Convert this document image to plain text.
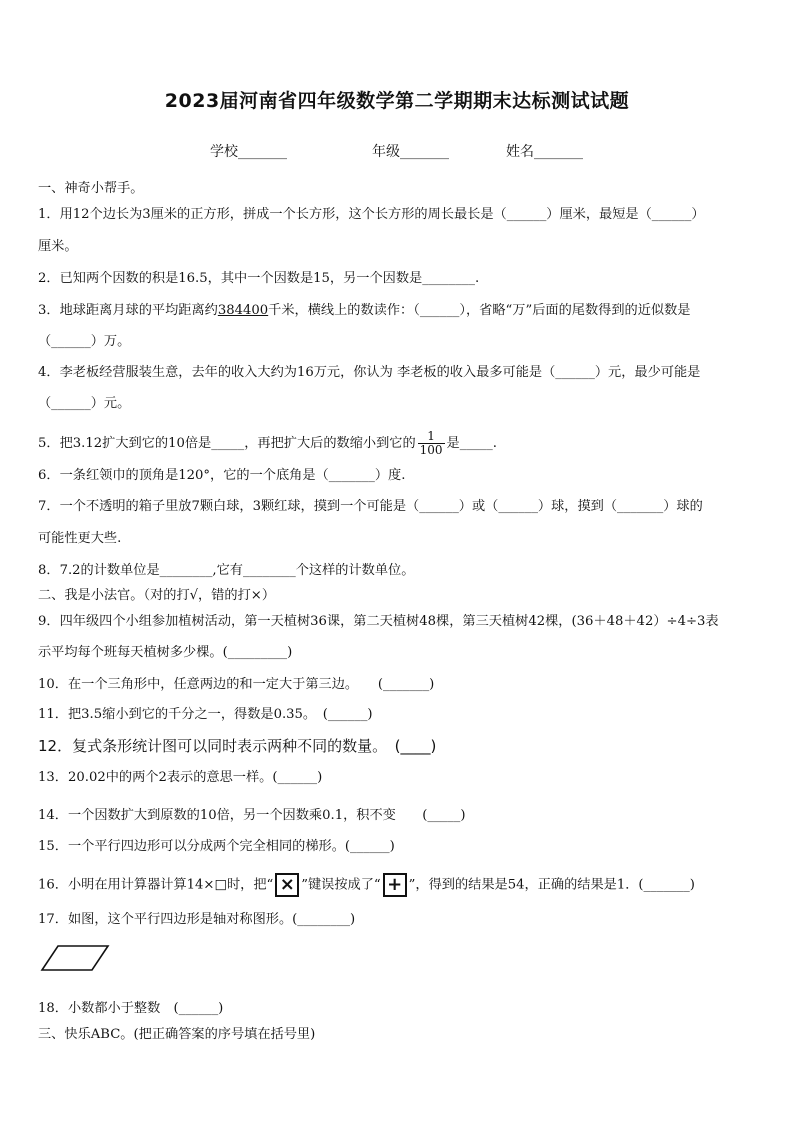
2023届河南省四年级数学第二学期期末达标测试试题
学校_______	年级_______	姓名_______
一、神奇小帮手。
1．用12个边长为3厘米的正方形，拼成一个长方形，这个长方形的周长最长是（______）厘米，最短是（______）
厘米。
2．已知两个因数的积是16.5，其中一个因数是15，另一个因数是________.
3．地球距离月球的平均距离约384400千米，横线上的数读作：（______），省略“万”后面的尾数得到的近似数是
（______）万。
4．李老板经营服装生意，去年的收入大约为16万元，你认为 李老板的收入最多可能是（______）元，最少可能是
（______）元。
5．把3.12扩大到它的10倍是_____，再把扩大后的数缩小到它的 $\frac{1}{100}$ 是_____.
6．一条红领巾的顶角是120°，它的一个底角是（_______）度.
7．一个不透明的箱子里放7颗白球，3颗红球，摸到一个可能是（______）或（______）球，摸到（_______）球的
可能性更大些.
8．7.2的计数单位是________,它有________个这样的计数单位。
二、我是小法官。（对的打√，错的打×）
9．四年级四个小组参加植树活动，第一天植树36课，第二天植树48棵，第三天植树42棵，(36＋48＋42）÷4÷3表
示平均每个班每天植树多少棵。(_________)
10．在一个三角形中，任意两边的和一定大于第三边。　　(_______)
11．把3.5缩小到它的千分之一，得数是0.35。　(______)
12．复式条形统计图可以同时表示两种不同的数量。　(____)
13．20.02中的两个2表示的意思一样。(______)
14．一个因数扩大到原数的10倍，另一个因数乘0.1，积不变　　(_____)
15．一个平行四边形可以分成两个完全相同的梯形。(______)
16．小明在用计算器计算14×□时，把“ × ”键误按成了“ + ”，得到的结果是54，正确的结果是1．(_______)
17．如图，这个平行四边形是轴对称图形。(________)
18．小数都小于整数　(______)
三、快乐ABC。(把正确答案的序号填在括号里)
